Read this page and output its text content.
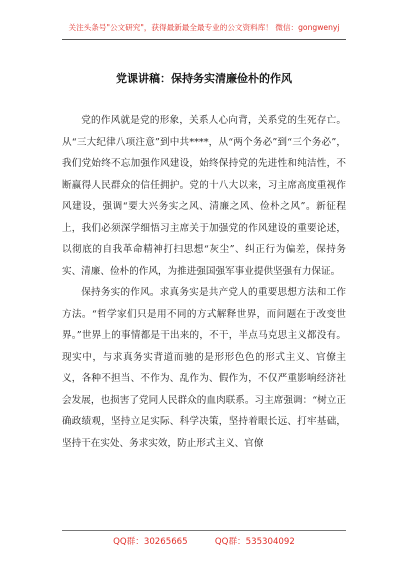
关注头条号"公文研究"，获得最新最全最专业的公文资料库！ 微信：gongwenyj
党课讲稿：保持务实清廉俭朴的作风

党的作风就是党的形象，关系人心向背，关系党的生死存亡。从“三大纪律八项注意”到中共****，从“两个务必”到“三个务必”，我们党始终不忘加强作风建设，始终保持党的先进性和纯洁性，不断赢得人民群众的信任拥护。党的十八大以来，习主席高度重视作风建设，强调“要大兴务实之风、清廉之风、俭朴之风”。新征程上，我们必须深学细悟习主席关于加强党的作风建设的重要论述，以彻底的自我革命精神打扫思想“灰尘”、纠正行为偏差，保持务实、清廉、俭朴的作风，为推进强国强军事业提供坚强有力保证。

保持务实的作风。求真务实是共产党人的重要思想方法和工作方法。“哲学家们只是用不同的方式解释世界，而问题在于改变世界。”世界上的事情都是干出来的，不干，半点马克思主义都没有。现实中，与求真务实背道而驰的是形形色色的形式主义、官僚主义，各种不担当、不作为、乱作为、假作为，不仅严重影响经济社会发展，也损害了党同人民群众的血肉联系。习主席强调：“树立正确政绩观，坚持立足实际、科学决策，坚持着眼长远、打牢基础，坚持干在实处、务求实效，防止形式主义、官僚

QQ群：30265665          QQ群：535304092
